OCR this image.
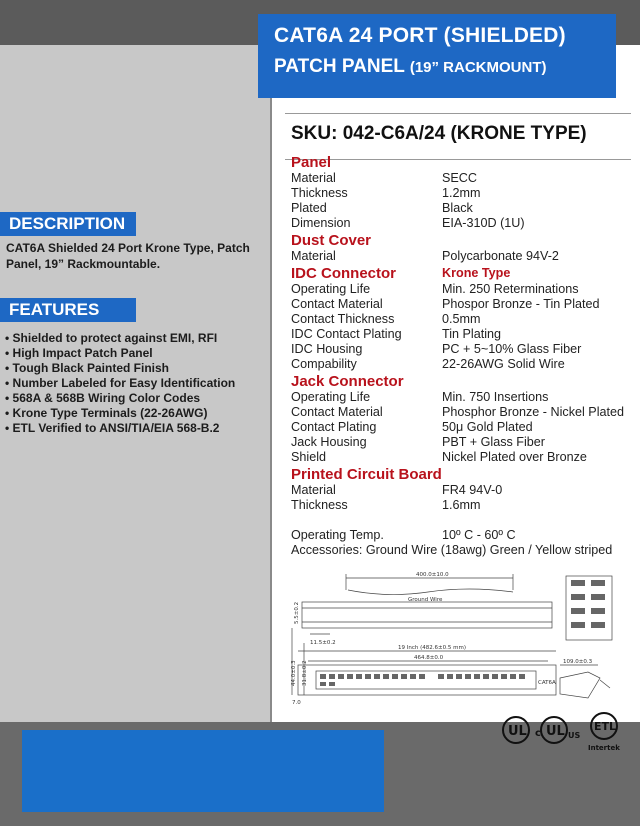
CAT6A 24 PORT (SHIELDED)
PATCH PANEL (19” RACKMOUNT)
DESCRIPTION
CAT6A Shielded 24 Port Krone Type, Patch Panel, 19” Rackmountable.
FEATURES
• Shielded to protect against EMI, RFI
• High Impact Patch Panel
• Tough Black Painted Finish
• Number Labeled for Easy Identification
• 568A & 568B Wiring Color Codes
• Krone Type Terminals (22-26AWG)
• ETL Verified to ANSI/TIA/EIA 568-B.2
SKU: 042-C6A/24 (KRONE TYPE)
Panel
Material	SECC
Thickness	1.2mm
Plated	Black
Dimension	EIA-310D (1U)
Dust Cover
Material	Polycarbonate 94V-2
IDC Connector	Krone Type
Operating Life	Min. 250 Reterminations
Contact Material	Phospor Bronze - Tin Plated
Contact Thickness	0.5mm
IDC Contact Plating	Tin Plating
IDC Housing	PC + 5~10% Glass Fiber
Compability	22-26AWG Solid Wire
Jack Connector
Operating Life	Min. 750 Insertions
Contact Material	Phosphor Bronze - Nickel Plated
Contact Plating	50μ Gold Plated
Jack Housing	PBT + Glass Fiber
Shield	Nickel Plated over Bronze
Printed Circuit Board
Material	FR4 94V-0
Thickness	1.6mm
Operating Temp.	10º C - 60º C
Accessories: Ground Wire (18awg) Green / Yellow striped
400.0±10.0
Ground Wire
11.5±0.2
19 Inch (482.6±0.5 mm)
464.8±0.0
109.0±0.3
7.0
CAT6A
5.5±0.2
44.0±0.3 31.8±0.2
UL c UL US
ETL
Intertek
